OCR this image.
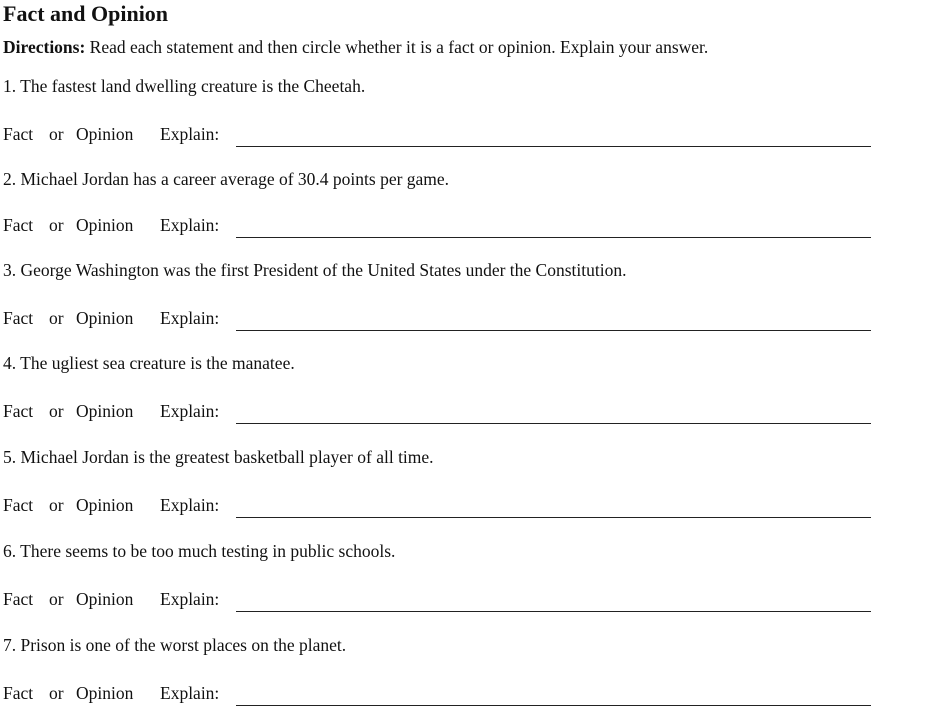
Fact and Opinion
Directions: Read each statement and then circle whether it is a fact or opinion. Explain your answer.
1. The fastest land dwelling creature is the Cheetah.
Fact or Opinion Explain:
2. Michael Jordan has a career average of 30.4 points per game.
Fact or Opinion Explain:
3. George Washington was the first President of the United States under the Constitution.
Fact or Opinion Explain:
4. The ugliest sea creature is the manatee.
Fact or Opinion Explain:
5. Michael Jordan is the greatest basketball player of all time.
Fact or Opinion Explain:
6. There seems to be too much testing in public schools.
Fact or Opinion Explain:
7. Prison is one of the worst places on the planet.
Fact or Opinion Explain:
